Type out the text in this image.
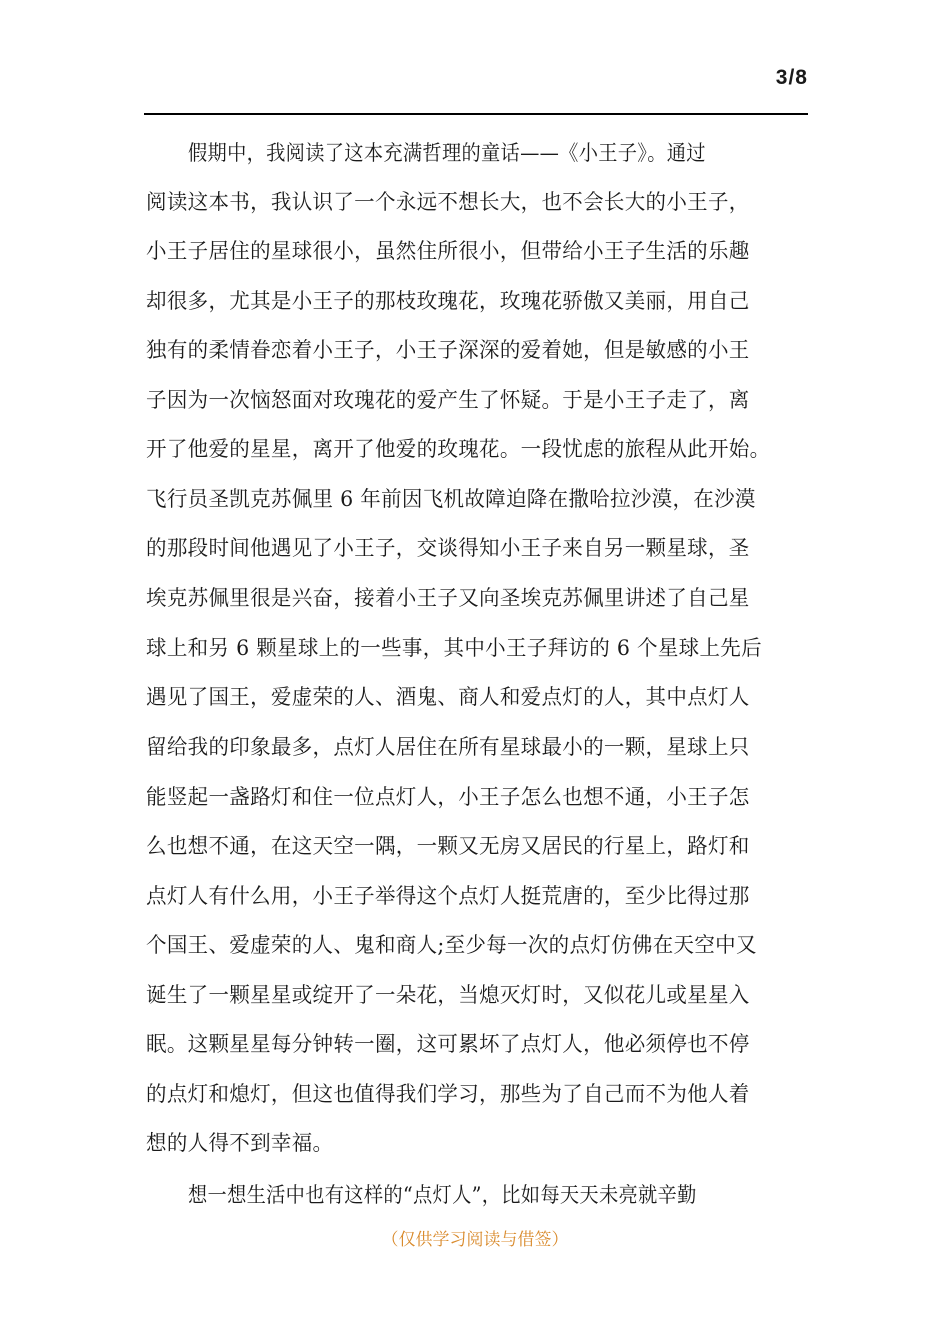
3/8
假期中，我阅读了这本充满哲理的童话——《小王子》。通过
阅读这本书，我认识了一个永远不想长大，也不会长大的小王子，
小王子居住的星球很小，虽然住所很小，但带给小王子生活的乐趣
却很多，尤其是小王子的那枝玫瑰花，玫瑰花骄傲又美丽，用自己
独有的柔情眷恋着小王子，小王子深深的爱着她，但是敏感的小王
子因为一次恼怒面对玫瑰花的爱产生了怀疑。于是小王子走了，离
开了他爱的星星，离开了他爱的玫瑰花。一段忧虑的旅程从此开始。
飞行员圣凯克苏佩里 6 年前因飞机故障迫降在撒哈拉沙漠，在沙漠
的那段时间他遇见了小王子，交谈得知小王子来自另一颗星球，圣
埃克苏佩里很是兴奋，接着小王子又向圣埃克苏佩里讲述了自己星
球上和另 6 颗星球上的一些事，其中小王子拜访的 6 个星球上先后
遇见了国王，爱虚荣的人、酒鬼、商人和爱点灯的人，其中点灯人
留给我的印象最多，点灯人居住在所有星球最小的一颗，星球上只
能竖起一盏路灯和住一位点灯人，小王子怎么也想不通，小王子怎
么也想不通，在这天空一隅，一颗又无房又居民的行星上，路灯和
点灯人有什么用，小王子举得这个点灯人挺荒唐的，至少比得过那
个国王、爱虚荣的人、鬼和商人;至少每一次的点灯仿佛在天空中又
诞生了一颗星星或绽开了一朵花，当熄灭灯时，又似花儿或星星入
眠。这颗星星每分钟转一圈，这可累坏了点灯人，他必须停也不停
的点灯和熄灯，但这也值得我们学习，那些为了自己而不为他人着
想的人得不到幸福。
想一想生活中也有这样的“点灯人”，比如每天天未亮就辛勤
（仅供学习阅读与借签）
